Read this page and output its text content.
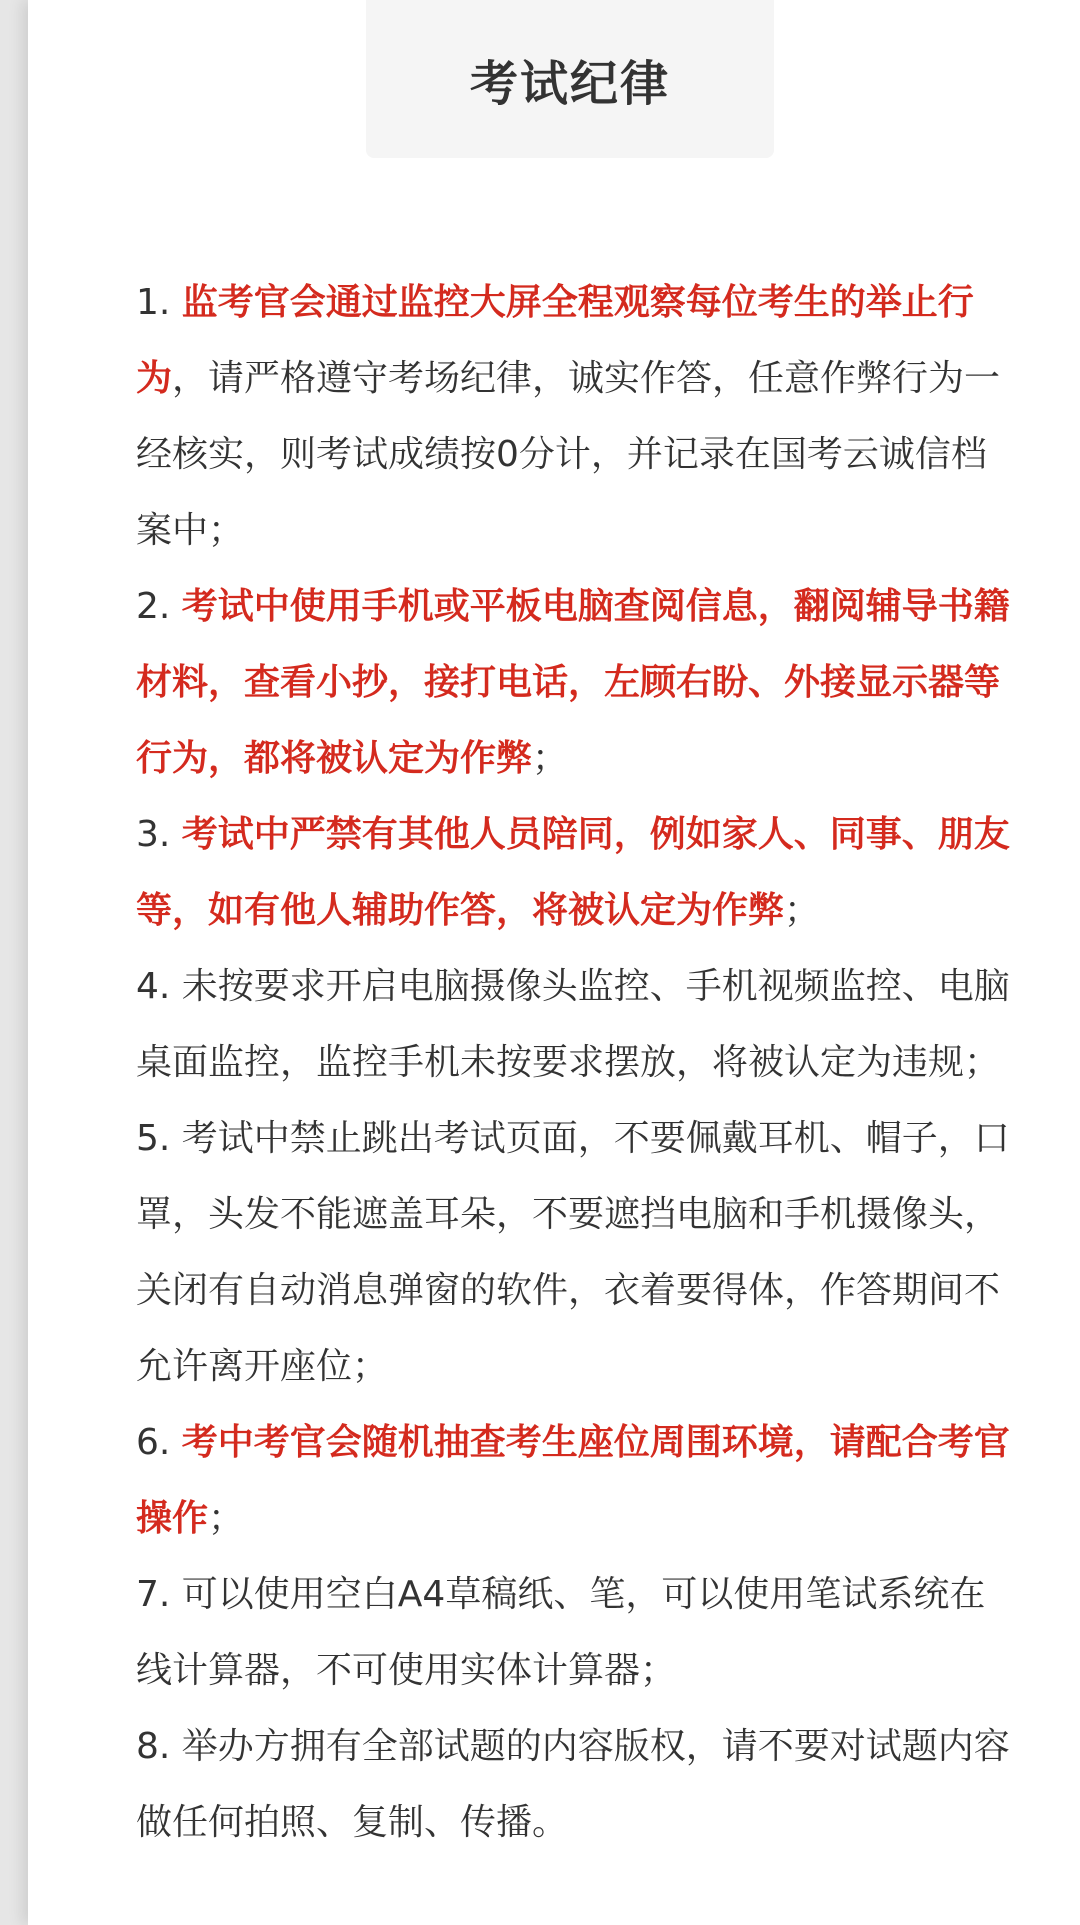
考试纪律
1. 监考官会通过监控大屏全程观察每位考生的举止行为，请严格遵守考场纪律，诚实作答，任意作弊行为一经核实，则考试成绩按0分计，并记录在国考云诚信档案中；
2. 考试中使用手机或平板电脑查阅信息，翻阅辅导书籍材料，查看小抄，接打电话，左顾右盼、外接显示器等行为，都将被认定为作弊；
3. 考试中严禁有其他人员陪同，例如家人、同事、朋友等，如有他人辅助作答，将被认定为作弊；
4. 未按要求开启电脑摄像头监控、手机视频监控、电脑桌面监控，监控手机未按要求摆放，将被认定为违规；
5. 考试中禁止跳出考试页面，不要佩戴耳机、帽子，口罩，头发不能遮盖耳朵，不要遮挡电脑和手机摄像头，关闭有自动消息弹窗的软件，衣着要得体，作答期间不允许离开座位；
6. 考中考官会随机抽查考生座位周围环境，请配合考官操作；
7. 可以使用空白A4草稿纸、笔，可以使用笔试系统在线计算器，不可使用实体计算器；
8. 举办方拥有全部试题的内容版权，请不要对试题内容做任何拍照、复制、传播。
